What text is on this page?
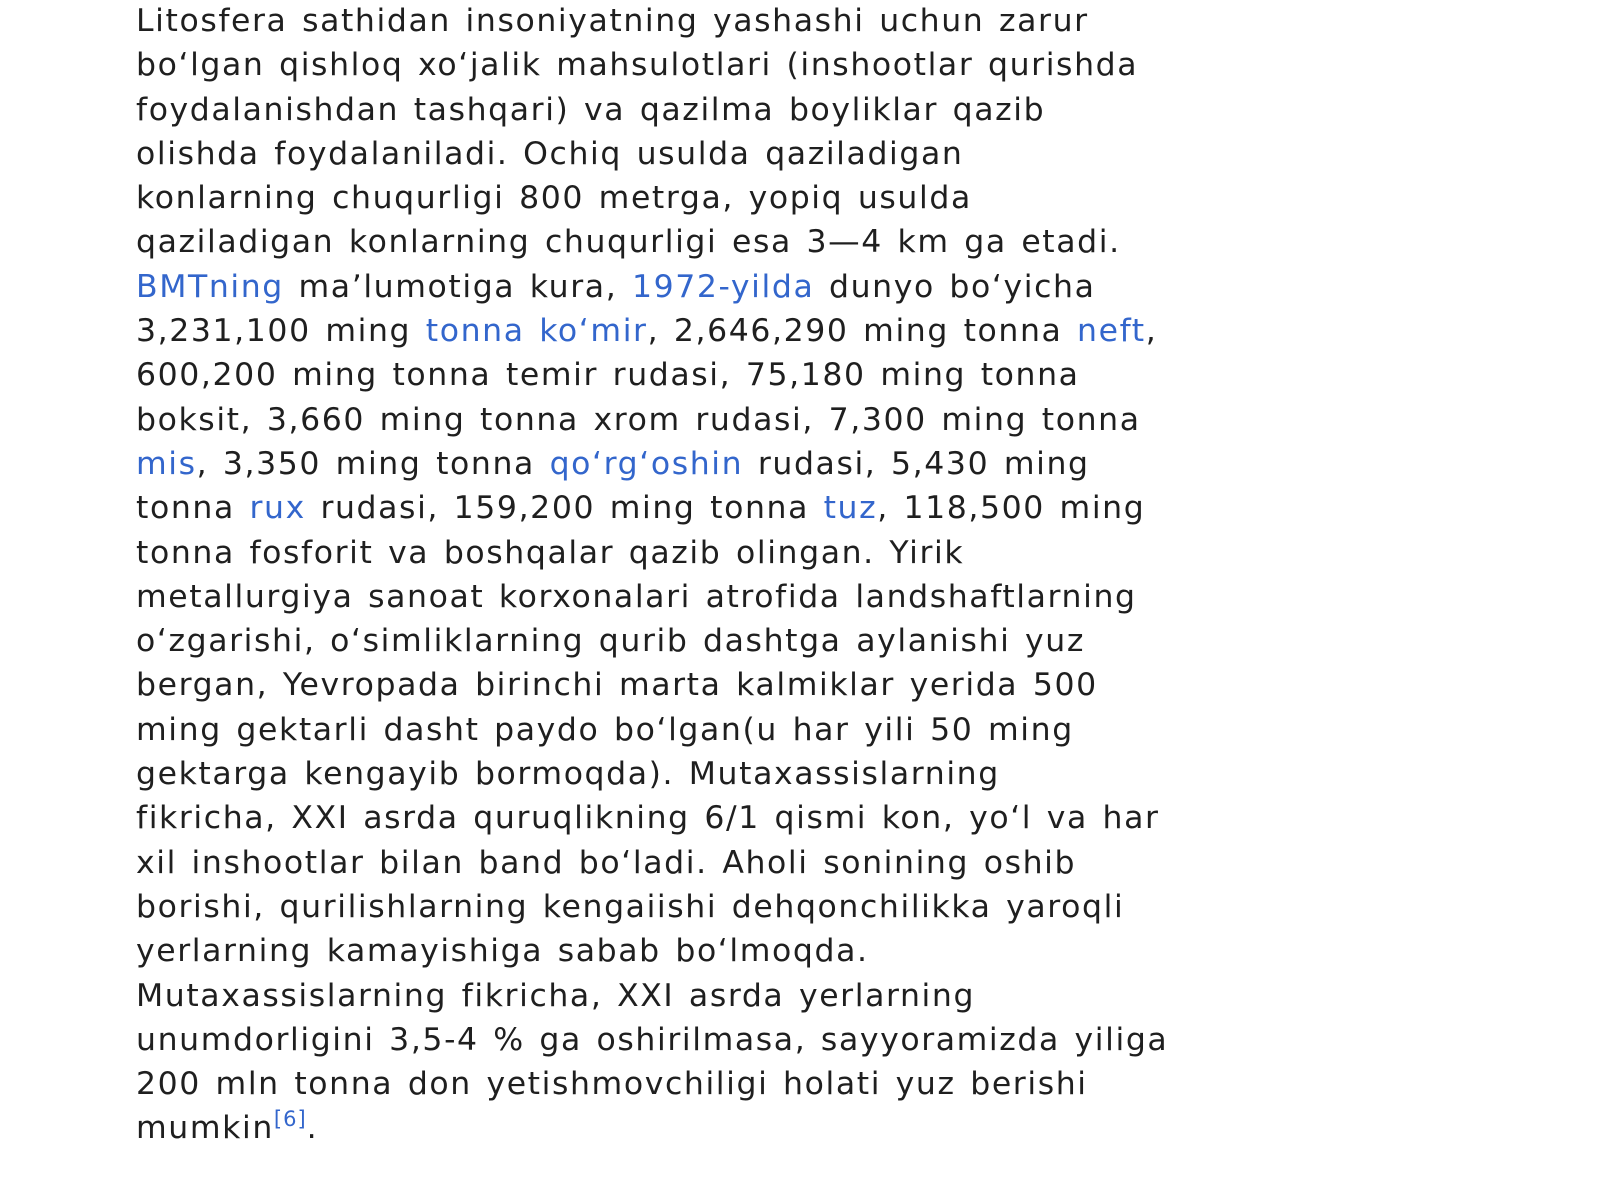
Litosfera sathidan insoniyatning yashashi uchun zarur
bo‘lgan qishloq xo‘jalik mahsulotlari (inshootlar qurishda
foydalanishdan tashqari) va qazilma boyliklar qazib
olishda foydalaniladi. Ochiq usulda qaziladigan
konlarning chuqurligi 800 metrga, yopiq usulda
qaziladigan konlarning chuqurligi esa 3—4 km ga etadi.
BMTning ma’lumotiga kura, 1972-yilda dunyo bo‘yicha
3,231,100 ming tonna ko‘mir, 2,646,290 ming tonna neft,
600,200 ming tonna temir rudasi, 75,180 ming tonna
boksit, 3,660 ming tonna xrom rudasi, 7,300 ming tonna
mis, 3,350 ming tonna qo‘rg‘oshin rudasi, 5,430 ming
tonna rux rudasi, 159,200 ming tonna tuz, 118,500 ming
tonna fosforit va boshqalar qazib olingan. Yirik
metallurgiya sanoat korxonalari atrofida landshaftlarning
o‘zgarishi, o‘simliklarning qurib dashtga aylanishi yuz
bergan, Yevropada birinchi marta kalmiklar yerida 500
ming gektarli dasht paydo bo‘lgan(u har yili 50 ming
gektarga kengayib bormoqda). Mutaxassislarning
fikricha, XXI asrda quruqlikning 6/1 qismi kon, yo‘l va har
xil inshootlar bilan band bo‘ladi. Aholi sonining oshib
borishi, qurilishlarning kengaiishi dehqonchilikka yaroqli
yerlarning kamayishiga sabab bo‘lmoqda.
Mutaxassislarning fikricha, XXI asrda yerlarning
unumdorligini 3,5-4 % ga oshirilmasa, sayyoramizda yiliga
200 mln tonna don yetishmovchiligi holati yuz berishi
mumkin[6].
